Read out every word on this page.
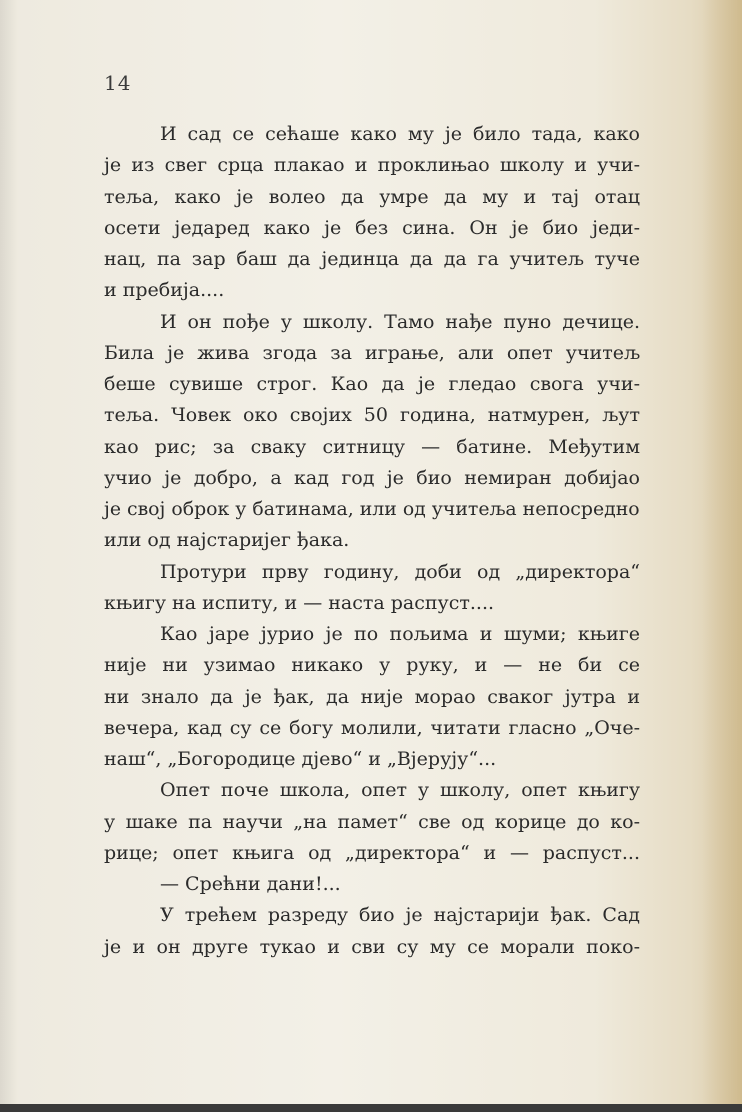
14
И сад се сећаше како му је било тада, како
је из свег срца плакао и проклињао школу и учи-
теља, како је волео да умре да му и тај отац
осети једаред како је без сина. Он је био једи-
нац, па зар баш да јединца да да га учитељ туче
и пребија....
И он пође у школу. Тамо нађе пуно дечице.
Била је жива згода за играње, али опет учитељ
беше сувише строг. Као да је гледао свога учи-
теља. Човек око својих 50 година, натмурен, љут
као рис; за сваку ситницу — батине. Међутим
учио је добро, а кад год је био немиран добијао
је свој оброк у батинама, или од учитеља непосредно
или од најстаријег ђака.
Протури прву годину, доби од „директора“
књигу на испиту, и — наста распуст....
Као јаре јурио је по пољима и шуми; књиге
није ни узимао никако у руку, и — не би се
ни знало да је ђак, да није морао сваког јутра и
вечера, кад су се богу молили, читати гласно „Оче-
наш“, „Богородице дјево“ и „Вјерују“...
Опет поче школа, опет у школу, опет књигу
у шаке па научи „на памет“ све од корице до ко-
рице; опет књига од „директора“ и — распуст...
— Срећни дани!...
У трећем разреду био је најстарији ђак. Сад
је и он друге тукао и сви су му се морали поко-
